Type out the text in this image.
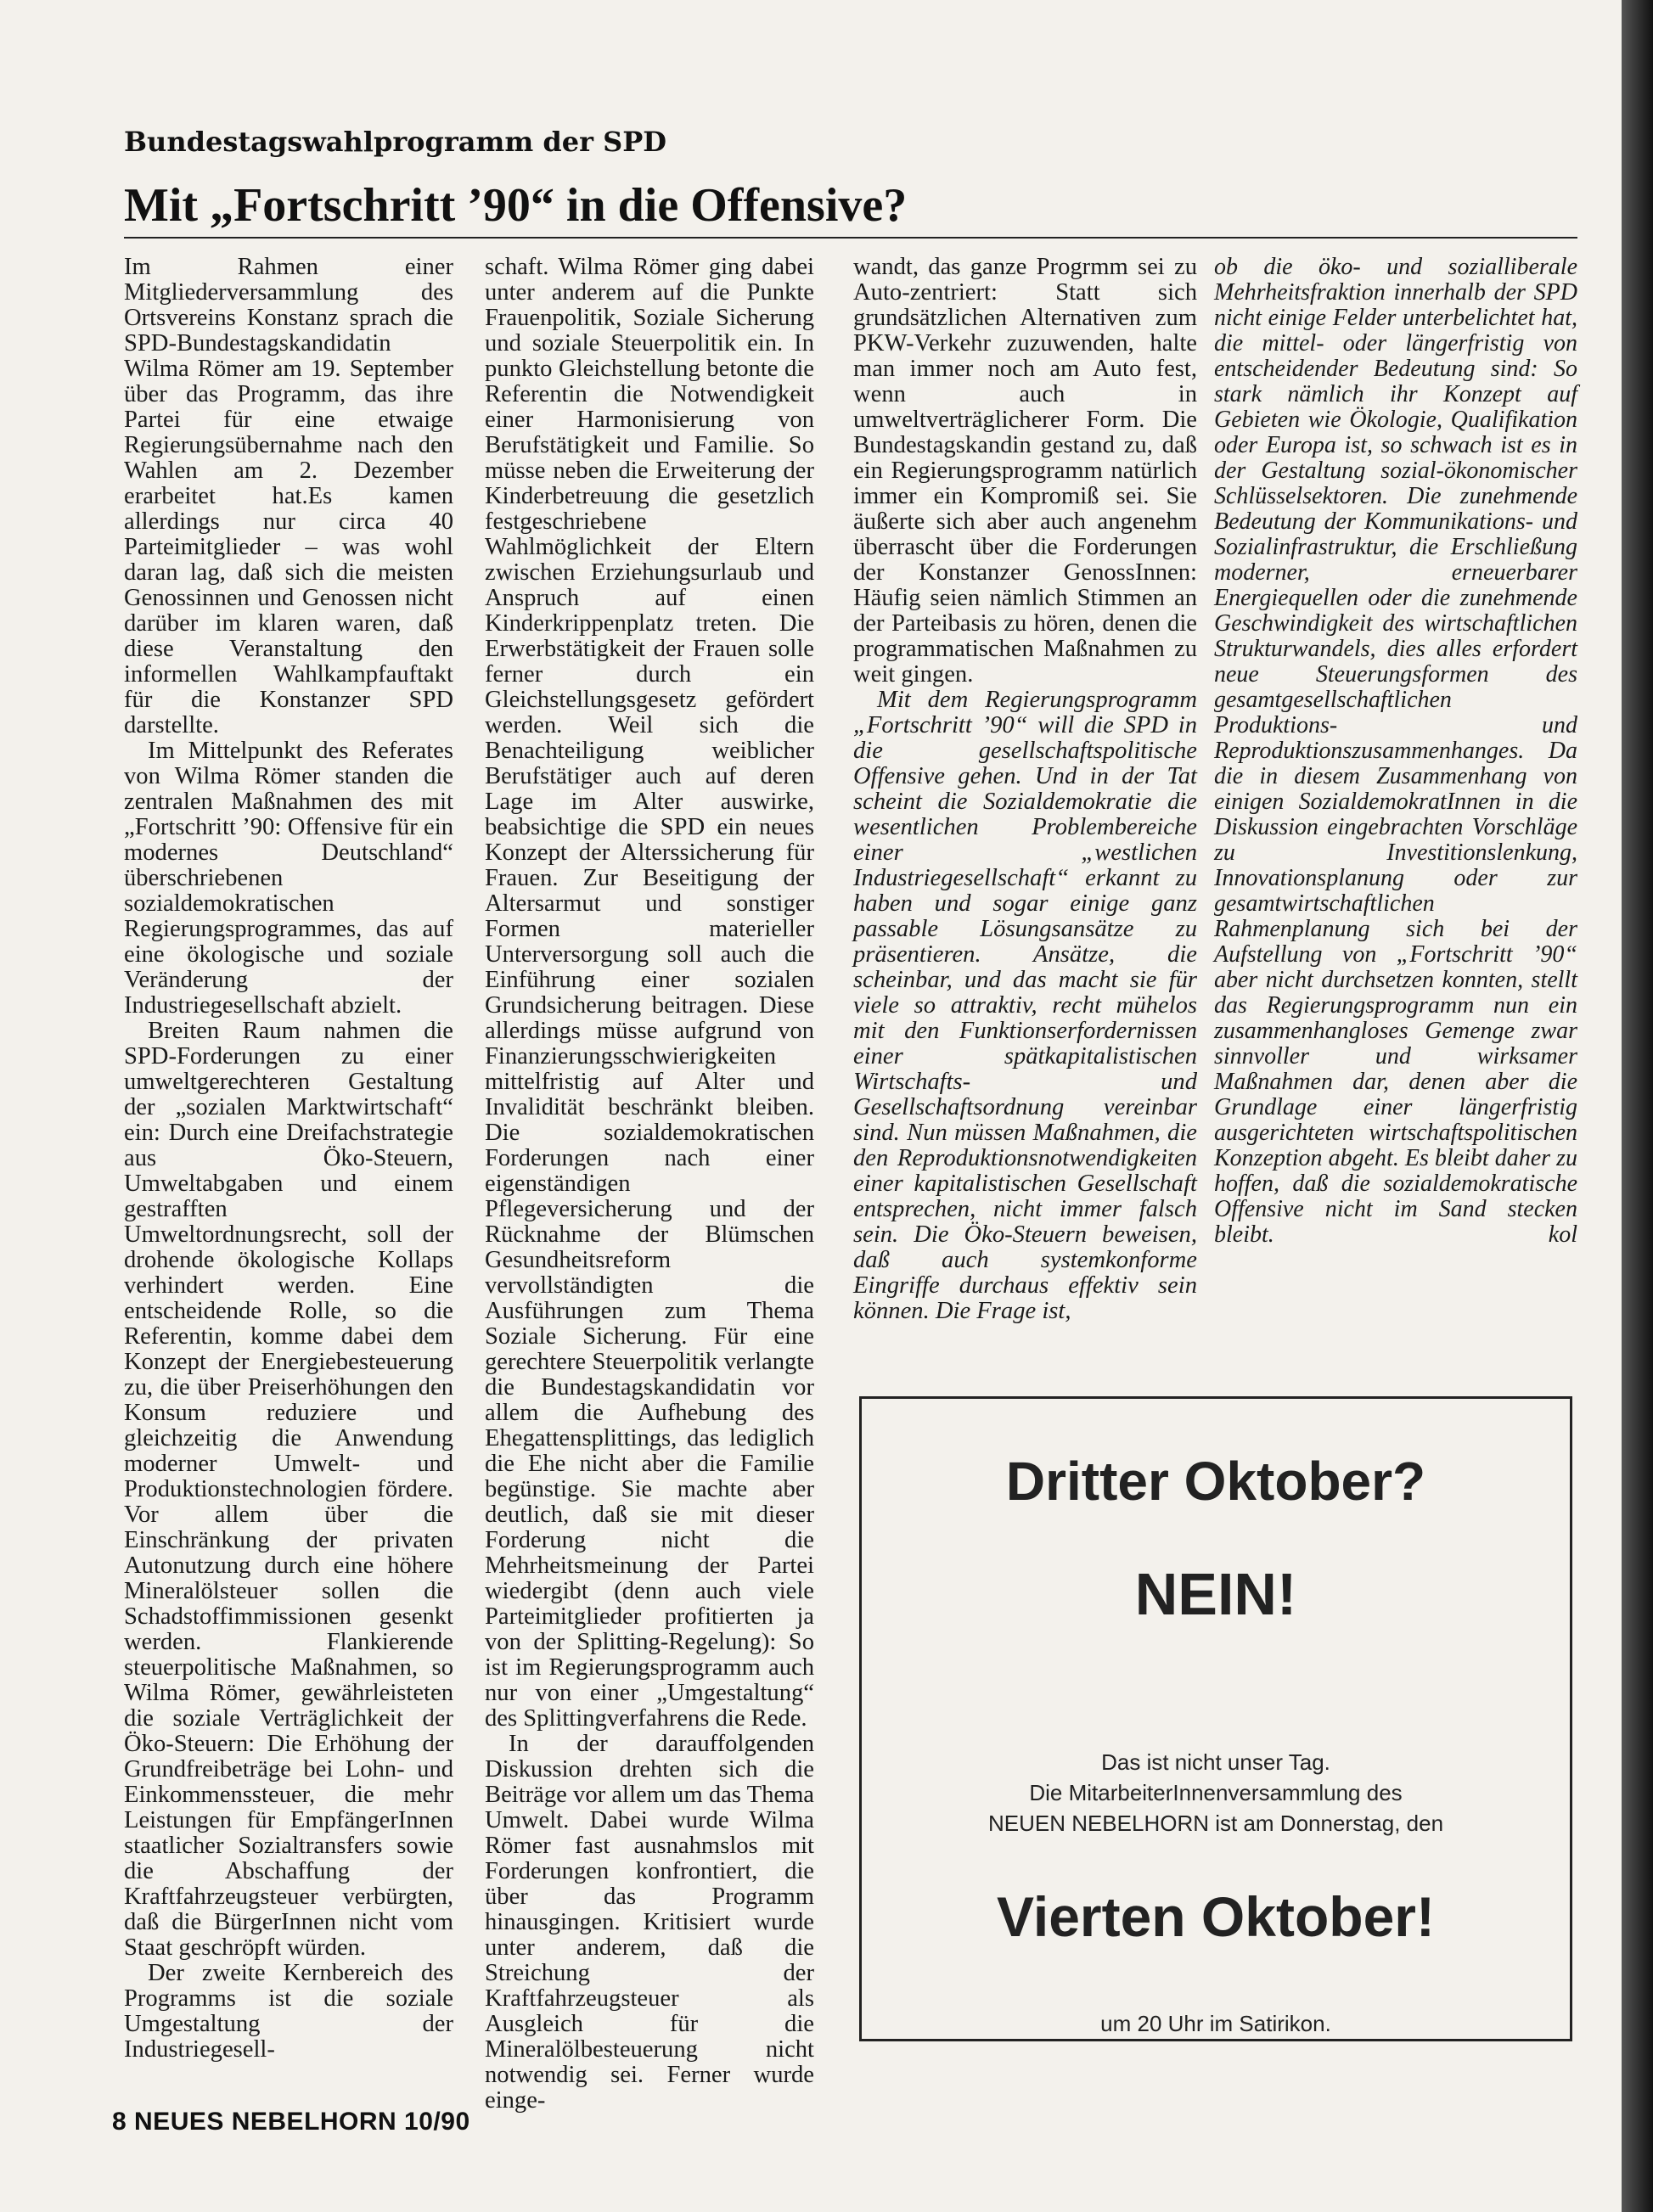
Bundestagswahlprogramm der SPD
Mit „Fortschritt ’90“ in die Offensive?

Im Rahmen einer Mitgliederversammlung des Ortsvereins Konstanz sprach die SPD-Bundestagskandidatin Wilma Römer am 19. September über das Programm, das ihre Partei für eine etwaige Regierungsübernahme nach den Wahlen am 2. Dezember erarbeitet hat.Es kamen allerdings nur circa 40 Parteimitglieder – was wohl daran lag, daß sich die meisten Genossinnen und Genossen nicht darüber im klaren waren, daß diese Veranstaltung den informellen Wahlkampfauftakt für die Konstanzer SPD darstellte.

Im Mittelpunkt des Referates von Wilma Römer standen die zentralen Maßnahmen des mit „Fortschritt ’90: Offensive für ein modernes Deutschland“ überschriebenen sozialdemokratischen Regierungsprogrammes, das auf eine ökologische und soziale Veränderung der Industriegesellschaft abzielt.

Breiten Raum nahmen die SPD-Forderungen zu einer umweltgerechteren Gestaltung der „sozialen Marktwirtschaft“ ein: Durch eine Dreifachstrategie aus Öko-Steuern, Umweltabgaben und einem gestrafften Umweltordnungsrecht, soll der drohende ökologische Kollaps verhindert werden. Eine entscheidende Rolle, so die Referentin, komme dabei dem Konzept der Energiebesteuerung zu, die über Preiserhöhungen den Konsum reduziere und gleichzeitig die Anwendung moderner Umwelt- und Produktionstechnologien fördere. Vor allem über die Einschränkung der privaten Autonutzung durch eine höhere Mineralölsteuer sollen die Schadstoffimmissionen gesenkt werden. Flankierende steuerpolitische Maßnahmen, so Wilma Römer, gewährleisteten die soziale Verträglichkeit der Öko-Steuern: Die Erhöhung der Grundfreibeträge bei Lohn- und Einkommenssteuer, die mehr Leistungen für EmpfängerInnen staatlicher Sozialtransfers sowie die Abschaffung der Kraftfahrzeugsteuer verbürgten, daß die BürgerInnen nicht vom Staat geschröpft würden.

Der zweite Kernbereich des Programms ist die soziale Umgestaltung der Industriegesell-

schaft. Wilma Römer ging dabei unter anderem auf die Punkte Frauenpolitik, Soziale Sicherung und soziale Steuerpolitik ein. In punkto Gleichstellung betonte die Referentin die Notwendigkeit einer Harmonisierung von Berufstätigkeit und Familie. So müsse neben die Erweiterung der Kinderbetreuung die gesetzlich festgeschriebene Wahlmöglichkeit der Eltern zwischen Erziehungsurlaub und Anspruch auf einen Kinderkrippenplatz treten. Die Erwerbstätigkeit der Frauen solle ferner durch ein Gleichstellungsgesetz gefördert werden. Weil sich die Benachteiligung weiblicher Berufstätiger auch auf deren Lage im Alter auswirke, beabsichtige die SPD ein neues Konzept der Alterssicherung für Frauen. Zur Beseitigung der Altersarmut und sonstiger Formen materieller Unterversorgung soll auch die Einführung einer sozialen Grundsicherung beitragen. Diese allerdings müsse aufgrund von Finanzierungsschwierigkeiten mittelfristig auf Alter und Invalidität beschränkt bleiben. Die sozialdemokratischen Forderungen nach einer eigenständigen Pflegeversicherung und der Rücknahme der Blümschen Gesundheitsreform vervollständigten die Ausführungen zum Thema Soziale Sicherung. Für eine gerechtere Steuerpolitik verlangte die Bundestagskandidatin vor allem die Aufhebung des Ehegattensplittings, das lediglich die Ehe nicht aber die Familie begünstige. Sie machte aber deutlich, daß sie mit dieser Forderung nicht die Mehrheitsmeinung der Partei wiedergibt (denn auch viele Parteimitglieder profitierten ja von der Splitting-Regelung): So ist im Regierungsprogramm auch nur von einer „Umgestaltung“ des Splittingverfahrens die Rede.

In der darauffolgenden Diskussion drehten sich die Beiträge vor allem um das Thema Umwelt. Dabei wurde Wilma Römer fast ausnahmslos mit Forderungen konfrontiert, die über das Programm hinausgingen. Kritisiert wurde unter anderem, daß die Streichung der Kraftfahrzeugsteuer als Ausgleich für die Mineralölbesteuerung nicht notwendig sei. Ferner wurde einge-

wandt, das ganze Progrmm sei zu Auto-zentriert: Statt sich grundsätzlichen Alternativen zum PKW-Verkehr zuzuwenden, halte man immer noch am Auto fest, wenn auch in umweltverträglicherer Form. Die Bundestagskandin gestand zu, daß ein Regierungsprogramm natürlich immer ein Kompromiß sei. Sie äußerte sich aber auch angenehm überrascht über die Forderungen der Konstanzer GenossInnen: Häufig seien nämlich Stimmen an der Parteibasis zu hören, denen die programmatischen Maßnahmen zu weit gingen.

Mit dem Regierungsprogramm „Fortschritt ’90“ will die SPD in die gesellschaftspolitische Offensive gehen. Und in der Tat scheint die Sozialdemokratie die wesentlichen Problembereiche einer „westlichen Industriegesellschaft“ erkannt zu haben und sogar einige ganz passable Lösungsansätze zu präsentieren. Ansätze, die scheinbar, und das macht sie für viele so attraktiv, recht mühelos mit den Funktionserfordernissen einer spätkapitalistischen Wirtschafts- und Gesellschaftsordnung vereinbar sind. Nun müssen Maßnahmen, die den Reproduktionsnotwendigkeiten einer kapitalistischen Gesellschaft entsprechen, nicht immer falsch sein. Die Öko-Steuern beweisen, daß auch systemkonforme Eingriffe durchaus effektiv sein können. Die Frage ist,

ob die öko- und sozialliberale Mehrheitsfraktion innerhalb der SPD nicht einige Felder unterbelichtet hat, die mittel- oder längerfristig von entscheidender Bedeutung sind: So stark nämlich ihr Konzept auf Gebieten wie Ökologie, Qualifikation oder Europa ist, so schwach ist es in der Gestaltung sozial-ökonomischer Schlüsselsektoren. Die zunehmende Bedeutung der Kommunikations- und Sozialinfrastruktur, die Erschließung moderner, erneuerbarer Energiequellen oder die zunehmende Geschwindigkeit des wirtschaftlichen Strukturwandels, dies alles erfordert neue Steuerungsformen des gesamtgesellschaftlichen Produktions- und Reproduktionszusammenhanges. Da die in diesem Zusammenhang von einigen SozialdemokratInnen in die Diskussion eingebrachten Vorschläge zu Investitionslenkung, Innovationsplanung oder zur gesamtwirtschaftlichen Rahmenplanung sich bei der Aufstellung von „Fortschritt ’90“ aber nicht durchsetzen konnten, stellt das Regierungsprogramm nun ein zusammenhangloses Gemenge zwar sinnvoller und wirksamer Maßnahmen dar, denen aber die Grundlage einer längerfristig ausgerichteten wirtschaftspolitischen Konzeption abgeht. Es bleibt daher zu hoffen, daß die sozialdemokratische Offensive nicht im Sand stecken bleibt.	kol

Dritter Oktober?

NEIN!

Das ist nicht unser Tag.

Die MitarbeiterInnenversammlung des

NEUEN NEBELHORN ist am Donnerstag, den

Vierten Oktober!

um 20 Uhr im Satirikon.

8 NEUES NEBELHORN 10/90
